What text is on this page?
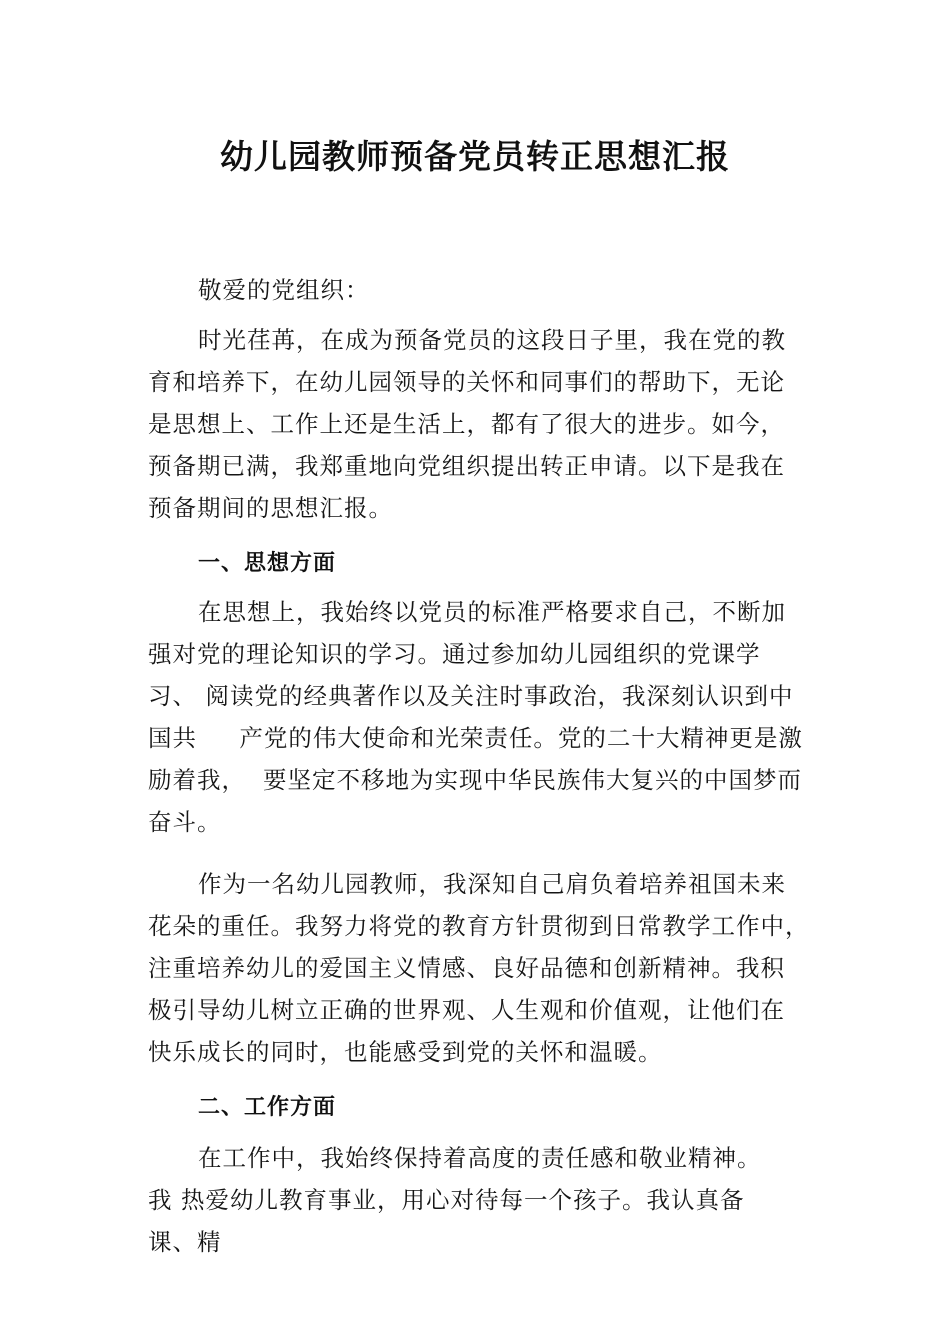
幼儿园教师预备党员转正思想汇报

敬爱的党组织：

时光荏苒，在成为预备党员的这段日子里，我在党的教

育和培养下，在幼儿园领导的关怀和同事们的帮助下，无论

是思想上、工作上还是生活上，都有了很大的进步。如今，

预备期已满，我郑重地向党组织提出转正申请。以下是我在

预备期间的思想汇报。

一、思想方面

在思想上，我始终以党员的标准严格要求自己，不断加

强对党的理论知识的学习。通过参加幼儿园组织的党课学

习、 阅读党的经典著作以及关注时事政治，我深刻认识到中

国共     产党的伟大使命和光荣责任。党的二十大精神更是激

励着我，  要坚定不移地为实现中华民族伟大复兴的中国梦而

奋斗。

作为一名幼儿园教师，我深知自己肩负着培养祖国未来

花朵的重任。我努力将党的教育方针贯彻到日常教学工作中，

注重培养幼儿的爱国主义情感、良好品德和创新精神。我积

极引导幼儿树立正确的世界观、人生观和价值观，让他们在

快乐成长的同时，也能感受到党的关怀和温暖。

二、工作方面

在工作中，我始终保持着高度的责任感和敬业精神。

我 热爱幼儿教育事业，用心对待每一个孩子。我认真备

课、精
